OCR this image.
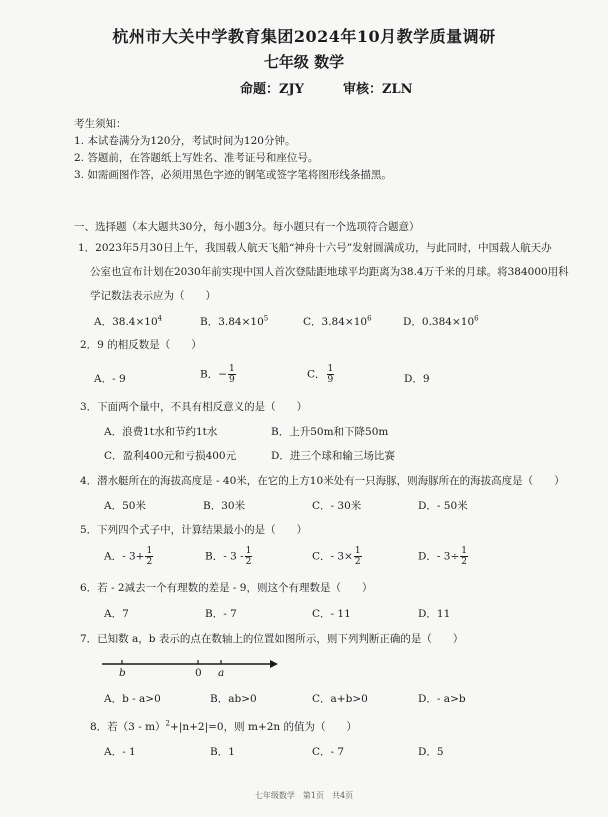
杭州市大关中学教育集团2024年10月教学质量调研
七年级 数学
命题：ZJY	审核：ZLN
考生须知：
1. 本试卷满分为120分，考试时间为120分钟。
2. 答题前，在答题纸上写姓名、准考证号和座位号。
3. 如需画图作答，必须用黑色字迹的钢笔或签字笔将图形线条描黑。
一、选择题（本大题共30分，每小题3分。每小题只有一个选项符合题意）
1．2023年5月30日上午，我国载人航天飞船“神舟十六号”发射圆满成功，与此同时，中国载人航天办
公室也宣布计划在2030年前实现中国人首次登陆距地球平均距离为38.4万千米的月球。将384000用科
学记数法表示应为（　　）
A．$38.4\times 10^4$	B．$3.84\times 10^5$	C．$3.84\times 10^6$	D．$0.384\times 10^6$
2．9 的相反数是（　　）
A．- 9	B．− $\frac{1}{9}$	C． $\frac{1}{9}$	D．9
3．下面两个量中，不具有相反意义的是（　　）
A．浪费1t水和节约1t水	B．上升50m和下降50m
C．盈利400元和亏损400元	D．进三个球和输三场比赛
4．潜水艇所在的海拔高度是 - 40米，在它的上方10米处有一只海豚，则海豚所在的海拔高度是（　　）
A．50米	B．30米	C．- 30米	D．- 50米
5．下列四个式子中，计算结果最小的是（　　）
A．- $3+ \frac{1}{2}$	B．- $3 - \frac{1}{2}$	C．- $3\times \frac{1}{2}$	D．- $3\div \frac{1}{2}$
6．若 - 2减去一个有理数的差是 - 9，则这个有理数是（　　）
A．7	B．- 7	C．- 11	D．11
7．已知数 a，b 表示的点在数轴上的位置如图所示，则下列判断正确的是（　　）
b	0 a
A．b - a>0	B．ab>0	C．a+b>0	D．- a>b
8．若（3 - m）$^2$+|n+2|=0，则 m+2n 的值为（　　）
A．- 1	B．1	C．- 7	D．5
七年级数学　第1页　共4页
